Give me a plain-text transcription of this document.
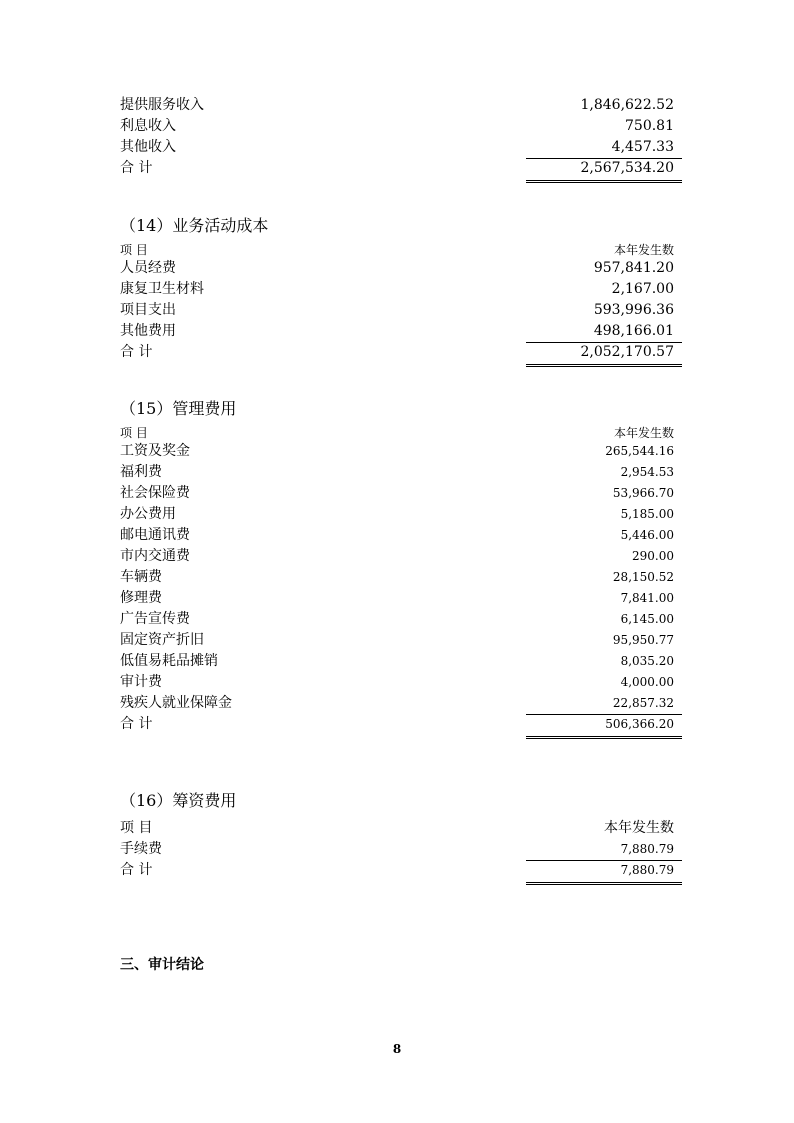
提供服务收入	1,846,622.52
利息收入	750.81
其他收入	4,457.33
合 计	2,567,534.20
（14）业务活动成本
项 目	本年发生数
人员经费	957,841.20
康复卫生材料	2,167.00
项目支出	593,996.36
其他费用	498,166.01
合 计	2,052,170.57
（15）管理费用
项 目	本年发生数
工资及奖金	265,544.16
福利费	2,954.53
社会保险费	53,966.70
办公费用	5,185.00
邮电通讯费	5,446.00
市内交通费	290.00
车辆费	28,150.52
修理费	7,841.00
广告宣传费	6,145.00
固定资产折旧	95,950.77
低值易耗品摊销	8,035.20
审计费	4,000.00
残疾人就业保障金	22,857.32
合 计	506,366.20
（16）筹资费用
项 目	本年发生数
手续费	7,880.79
合 计	7,880.79
三、审计结论
8
